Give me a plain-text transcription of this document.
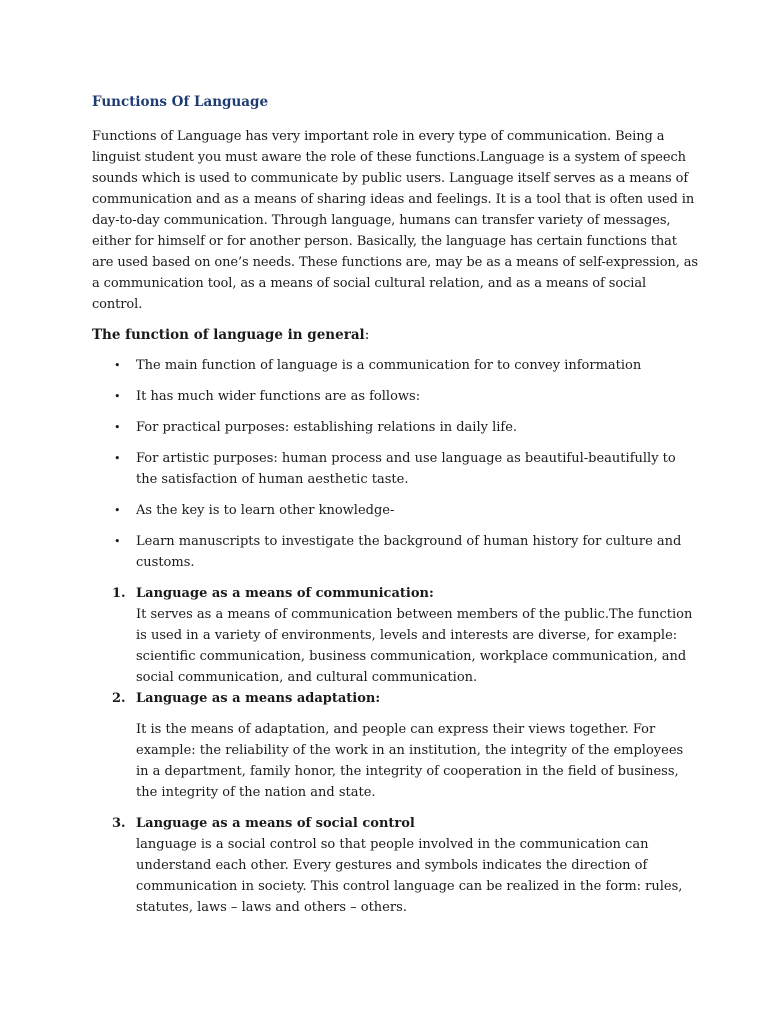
Functions Of Language

Functions of Language has very important role in every type of communication. Being a linguist student you must aware the role of these functions.Language is a system of speech sounds which is used to communicate by public users. Language itself serves as a means of communication and as a means of sharing ideas and feelings. It is a tool that is often used in day-to-day communication. Through language, humans can transfer variety of messages, either for himself or for another person. Basically, the language has certain functions that are used based on one’s needs. These functions are, may be as a means of self-expression, as a communication tool, as a means of social cultural relation, and as a means of social control.

The function of language in general:

• The main function of language is a communication for to convey information
• It has much wider functions are as follows:
• For practical purposes: establishing relations in daily life.
• For artistic purposes: human process and use language as beautiful-beautifully to the satisfaction of human aesthetic taste.
• As the key is to learn other knowledge-
• Learn manuscripts to investigate the background of human history for culture and customs.
1. Language as a means of communication:
It serves as a means of communication between members of the public.The function is used in a variety of environments, levels and interests are diverse, for example: scientific communication, business communication, workplace communication, and social communication, and cultural communication.
2. Language as a means adaptation:
It is the means of adaptation, and people can express their views together. For example: the reliability of the work in an institution, the integrity of the employees in a department, family honor, the integrity of cooperation in the field of business, the integrity of the nation and state.
3. Language as a means of social control
language is a social control so that people involved in the communication can understand each other. Every gestures and symbols indicates the direction of communication in society. This control language can be realized in the form: rules, statutes, laws – laws and others – others.
